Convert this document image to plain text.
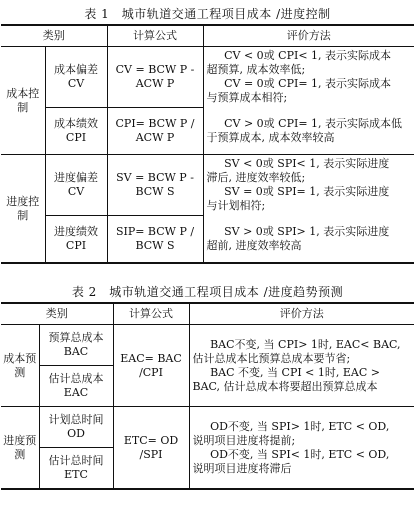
表 1　城市轨道交通工程项目成本 /进度控制
类别		计算公式	评价方法
成本控制	成本偏差 CV	CV = BCW P - ACW P	CV < 0或 CPI< 1, 表示实际成本
超预算, 成本效率低;
CV = 0或 CPI= 1, 表示实际成本
与预算成本相符;

	成本绩效 CPI	CPI= BCW P / ACW P	CV > 0或 CPI= 1, 表示实际成本低
于预算成本, 成本效率较高

进度控制	进度偏差 CV	SV = BCW P - BCW S	SV < 0或 SPI< 1, 表示实际进度
滞后, 进度效率较低;
SV = 0或 SPI= 1, 表示实际进度
与计划相符;

	进度绩效 CPI	SIP= BCW P / BCW S	SV > 0或 SPI> 1, 表示实际进度
超前, 进度效率较高
表 2　城市轨道交通工程项目成本 /进度趋势预测
类别		计算公式	评价方法
成本预测	预算总成本 BAC	EAC= BAC /CPI	BAC不变, 当 CPI> 1时, EAC< BAC,
估计总成本比预算总成本要节省;
BAC 不变, 当 CPI < 1时, EAC >
BAC, 估计总成本将要超出预算总成本

	估计总成本 EAC		
进度预测	计划总时间 OD	ETC= OD /SPI	OD不变, 当 SPI> 1时, ETC < OD,
说明项目进度将提前;
OD不变, 当 SPI< 1时, ETC < OD,
说明项目进度将滞后

	估计总时间 ETC		
